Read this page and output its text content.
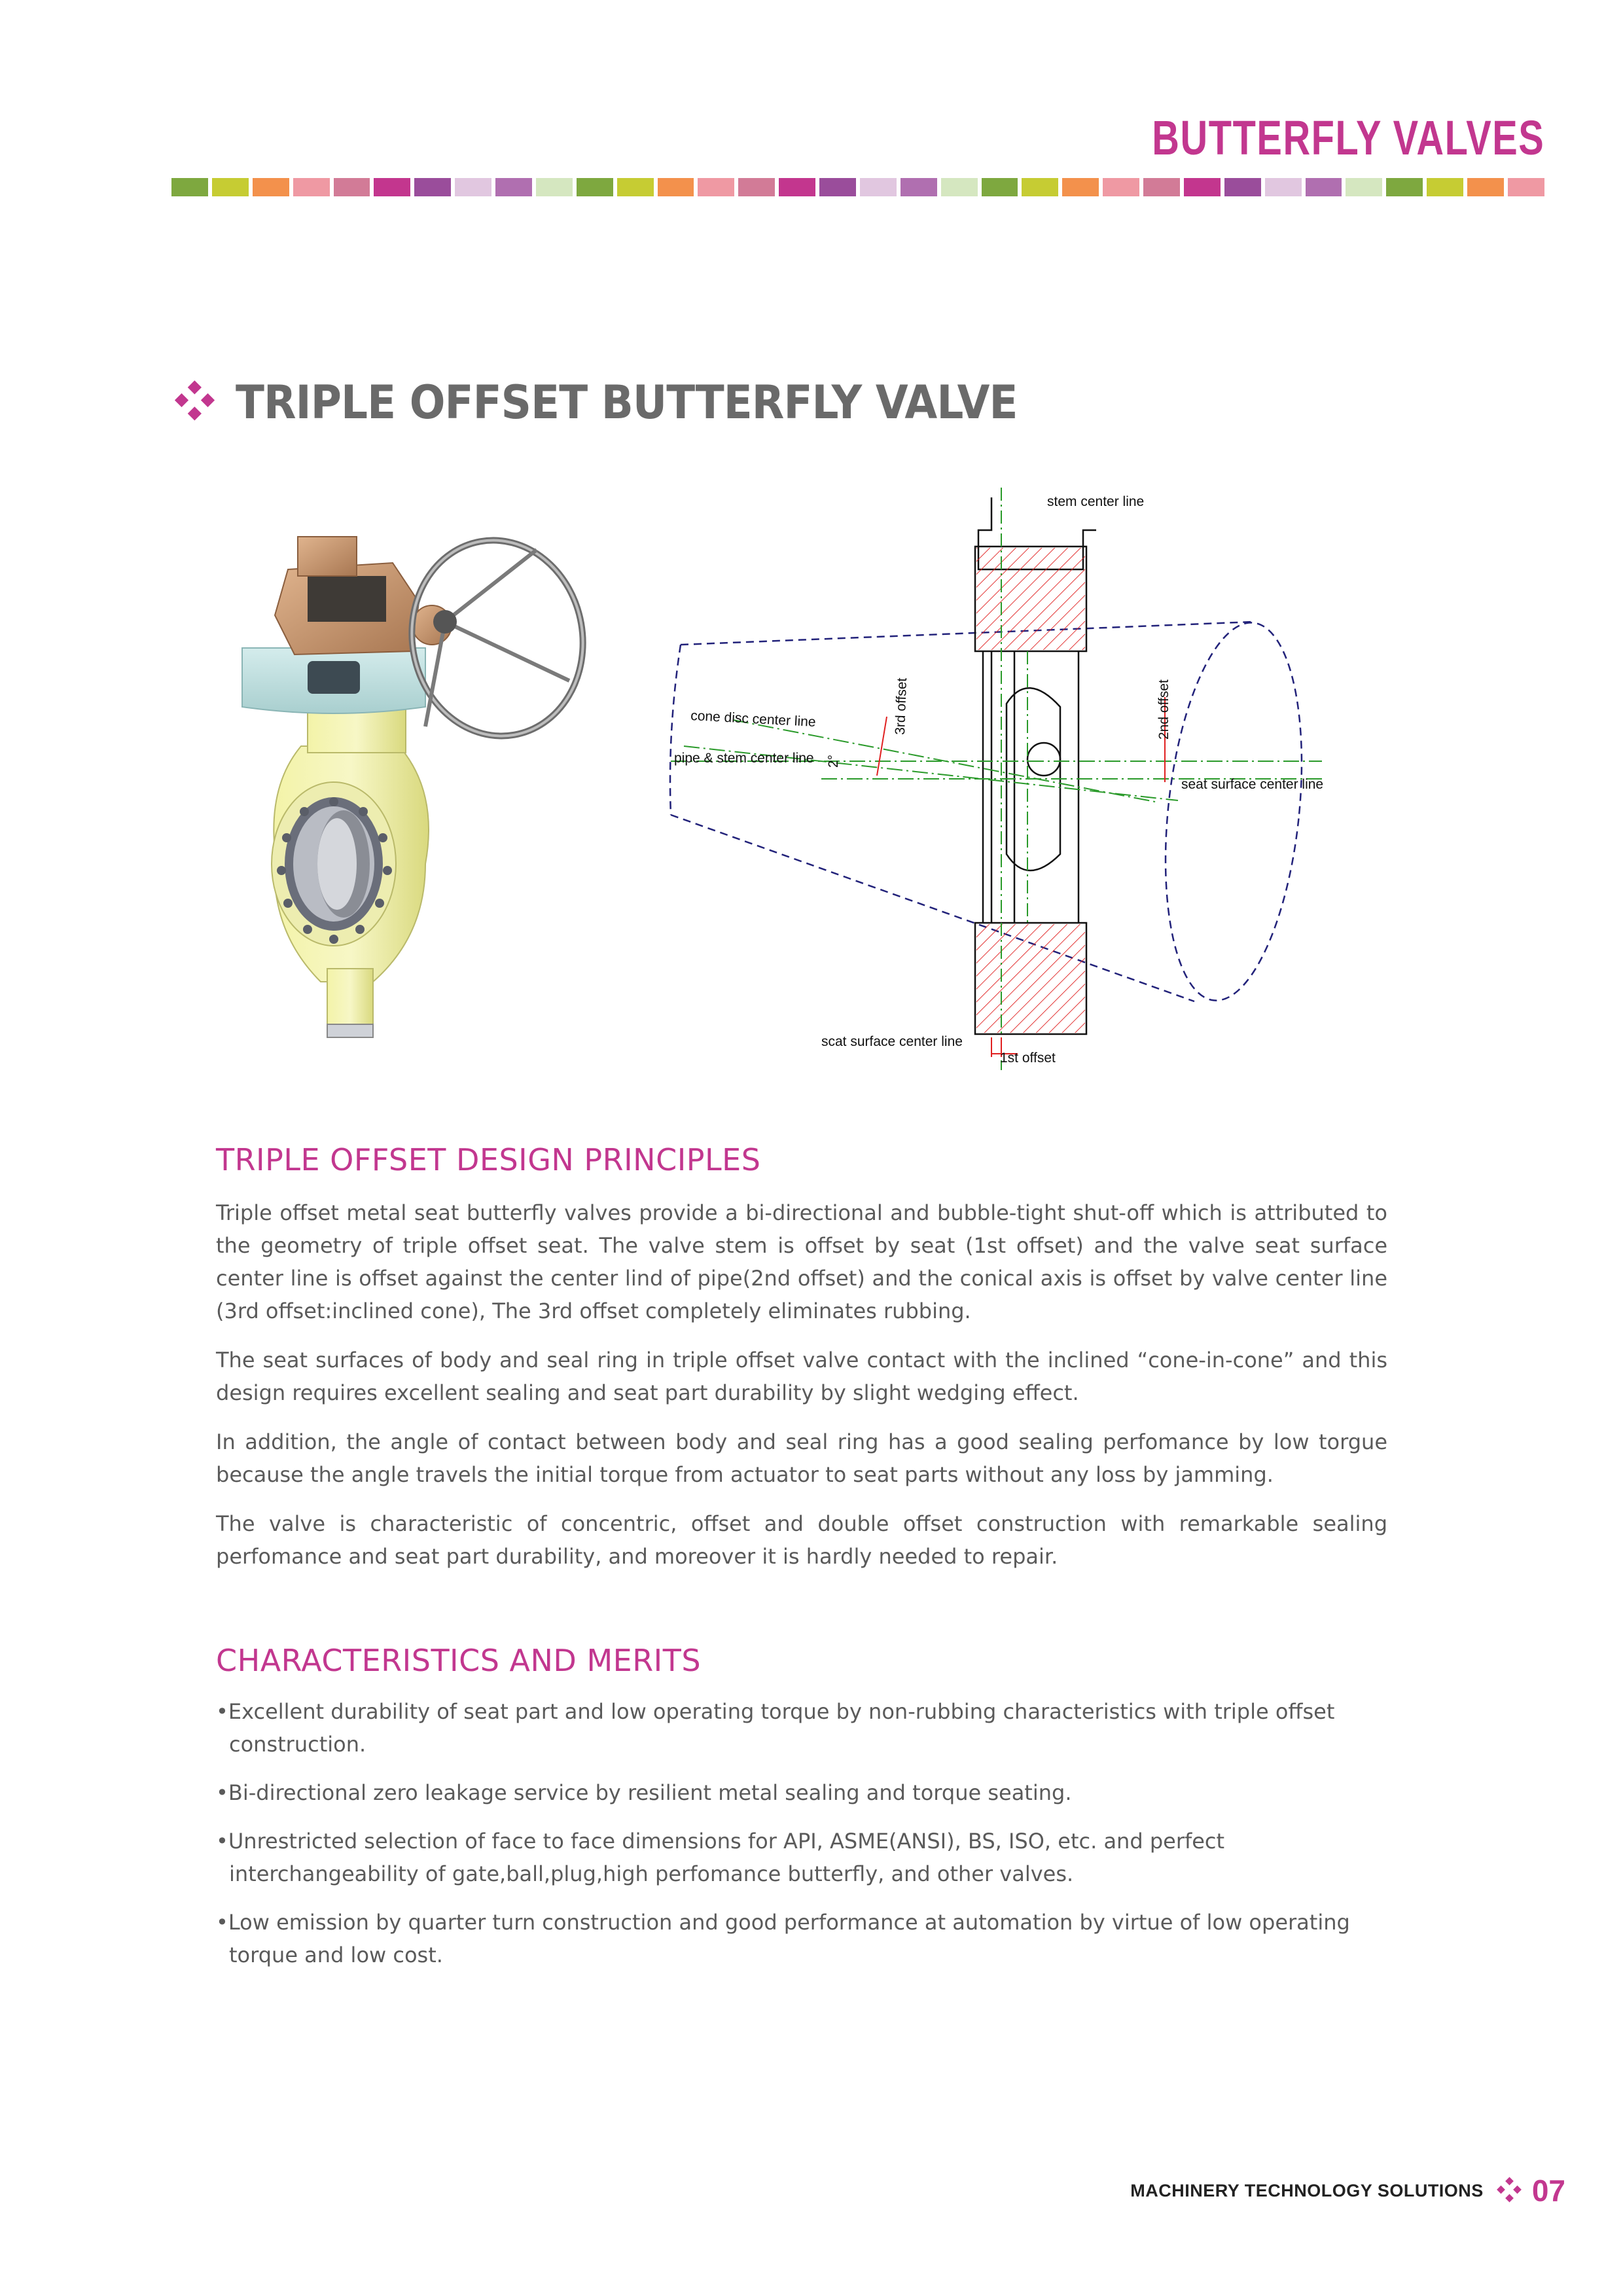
BUTTERFLY VALVES
TRIPLE OFFSET BUTTERFLY VALVE
stem center line
cone disc center line
pipe & stem center line 2°
3rd offset	2nd offset
seat surface center line
scat surface center line
1st offset
TRIPLE OFFSET DESIGN PRINCIPLES

Triple offset metal seat butterfly valves provide a bi-directional and bubble-tight shut-off which is attributed to the geometry of triple offset seat. The valve stem is offset by seat (1st offset) and the valve seat surface center line is offset against the center lind of pipe(2nd offset) and the conical axis is offset by valve center line (3rd offset:inclined cone), The 3rd offset completely eliminates rubbing.

The seat surfaces of body and seal ring in triple offset valve contact with the inclined “cone-in-cone” and this design requires excellent sealing and seat part durability by slight wedging effect.

In addition, the angle of contact between body and seal ring has a good sealing perfomance by low torgue because the angle travels the initial torque from actuator to seat parts without any loss by jamming.

The valve is characteristic of concentric, offset and double offset construction with remarkable sealing perfomance and seat part durability, and moreover it is hardly needed to repair.

CHARACTERISTICS AND MERITS
• Excellent durability of seat part and low operating torque by non-rubbing characteristics with triple offset construction.
• Bi-directional zero leakage service by resilient metal sealing and torque seating.
• Unrestricted selection of face to face dimensions for API, ASME(ANSI), BS, ISO, etc. and perfect interchangeability of gate,ball,plug,high perfomance butterfly, and other valves.
• Low emission by quarter turn construction and good performance at automation by virtue of low operating torque and low cost.
MACHINERY TECHNOLOGY SOLUTIONS 07
